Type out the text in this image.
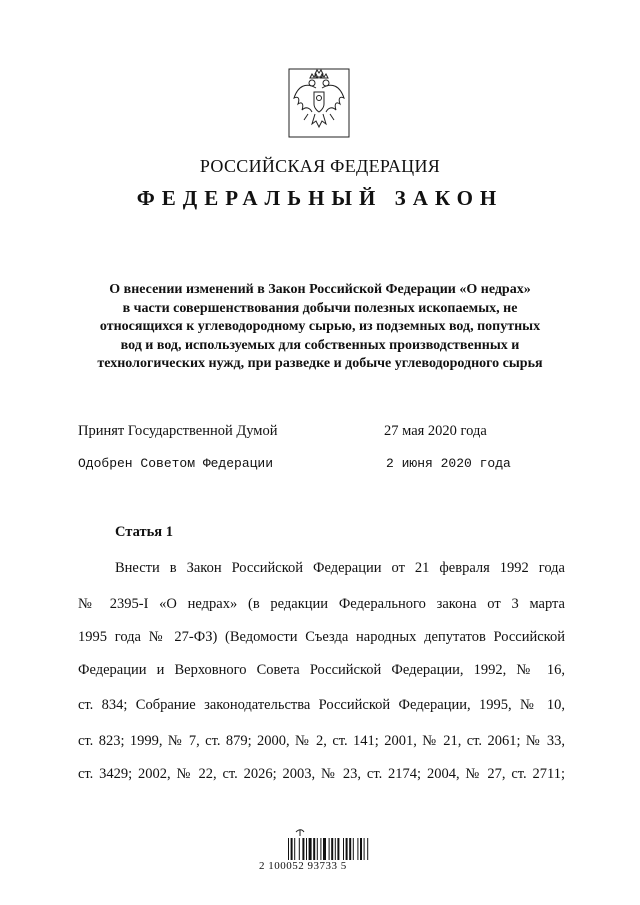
РОССИЙСКАЯ ФЕДЕРАЦИЯ
ФЕДЕРАЛЬНЫЙ ЗАКОН
О внесении изменений в Закон Российской Федерации «О недрах»
в части совершенствования добычи полезных ископаемых, не
относящихся к углеводородному сырью, из подземных вод, попутных
вод и вод, используемых для собственных производственных и
технологических нужд, при разведке и добыче углеводородного сырья
Принят Государственной Думой	27 мая 2020 года
Одобрен Советом Федерации	2 июня 2020 года
Статья 1
Внести в Закон Российской Федерации от 21 февраля 1992 года
№ 2395-I «О недрах» (в редакции Федерального закона от 3 марта
1995 года № 27-ФЗ) (Ведомости Съезда народных депутатов Российской
Федерации и Верховного Совета Российской Федерации, 1992, № 16,
ст. 834; Собрание законодательства Российской Федерации, 1995, № 10,
ст. 823; 1999, № 7, ст. 879; 2000, № 2, ст. 141; 2001, № 21, ст. 2061; № 33,
ст. 3429; 2002, № 22, ст. 2026; 2003, № 23, ст. 2174; 2004, № 27, ст. 2711;
2 100052 93733 5
